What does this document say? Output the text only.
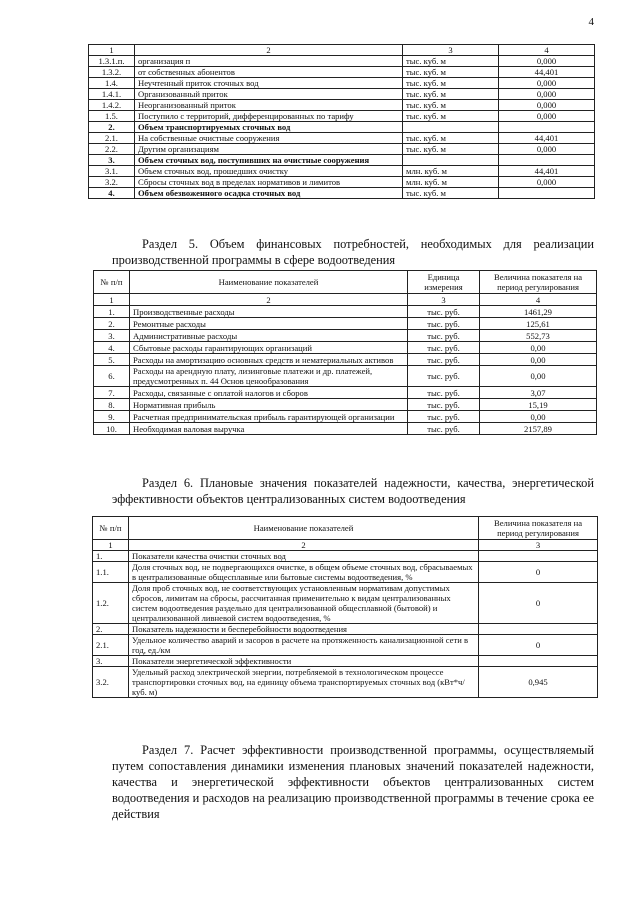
4
1	2	3	4
1.3.1.п.	организация п	тыс. куб. м	0,000
1.3.2.	от собственных абонентов	тыс. куб. м	44,401
1.4.	Неучтенный приток сточных вод	тыс. куб. м	0,000
1.4.1.	Организованный приток	тыс. куб. м	0,000
1.4.2.	Неорганизованный приток	тыс. куб. м	0,000
1.5.	Поступило с территорий, дифференцированных по тарифу	тыс. куб. м	0,000
2.	Объем транспортируемых сточных вод		
2.1.	На собственные очистные сооружения	тыс. куб. м	44,401
2.2.	Другим организациям	тыс. куб. м	0,000
3.	Объем сточных вод, поступивших на очистные сооружения		
3.1.	Объем сточных вод, прошедших очистку	млн. куб. м	44,401
3.2.	Сбросы сточных вод в пределах нормативов и лимитов	млн. куб. м	0,000
4.	Объем обезвоженного осадка сточных вод	тыс. куб. м	

Раздел 5. Объем финансовых потребностей, необходимых для реализации производственной программы в сфере водоотведения

№ п/п	Наименование показателей	Единица измерения	Величина показателя на период регулирования
1	2	3	4
1.	Производственные расходы	тыс. руб.	1461,29
2.	Ремонтные расходы	тыс. руб.	125,61
3.	Административные расходы	тыс. руб.	552,73
4.	Сбытовые расходы гарантирующих организаций	тыс. руб.	0,00
5.	Расходы на амортизацию основных средств и нематериальных активов	тыс. руб.	0,00
6.	Расходы на арендную плату, лизинговые платежи и др. платежей, предусмотренных п. 44 Основ ценообразования	тыс. руб.	0,00
7.	Расходы, связанные с оплатой налогов и сборов	тыс. руб.	3,07
8.	Нормативная прибыль	тыс. руб.	15,19
9.	Расчетная предпринимательская прибыль гарантирующей организации	тыс. руб.	0,00
10.	Необходимая валовая выручка	тыс. руб.	2157,89

Раздел 6. Плановые значения показателей надежности, качества, энергетической эффективности объектов централизованных систем водоотведения

№ п/п	Наименование показателей	Величина показателя на период регулирования
1	2	3
1.	Показатели качества очистки сточных вод	
1.1.	Доля сточных вод, не подвергающихся очистке, в общем объеме сточных вод, сбрасываемых в централизованные общесплавные или бытовые системы водоотведения, %	0
1.2.	Доля проб сточных вод, не соответствующих установленным нормативам допустимых сбросов, лимитам на сбросы, рассчитанная применительно к видам централизованных систем водоотведения раздельно для централизованной общесплавной (бытовой) и централизованной ливневой систем водоотведения, %	0
2.	Показатель надежности и бесперебойности водоотведения	
2.1.	Удельное количество аварий и засоров в расчете на протяженность канализационной сети в год, ед./км	0
3.	Показатели энергетической эффективности	
3.2.	Удельный расход электрической энергии, потребляемой в технологическом процессе транспортировки сточных вод, на единицу объема транспортируемых сточных вод (кВт*ч/ куб. м)	0,945

Раздел 7. Расчет эффективности производственной программы, осуществляемый путем сопоставления динамики изменения плановых значений показателей надежности, качества и энергетической эффективности объектов централизованных систем водоотведения и расходов на реализацию производственной программы в течение срока ее действия
